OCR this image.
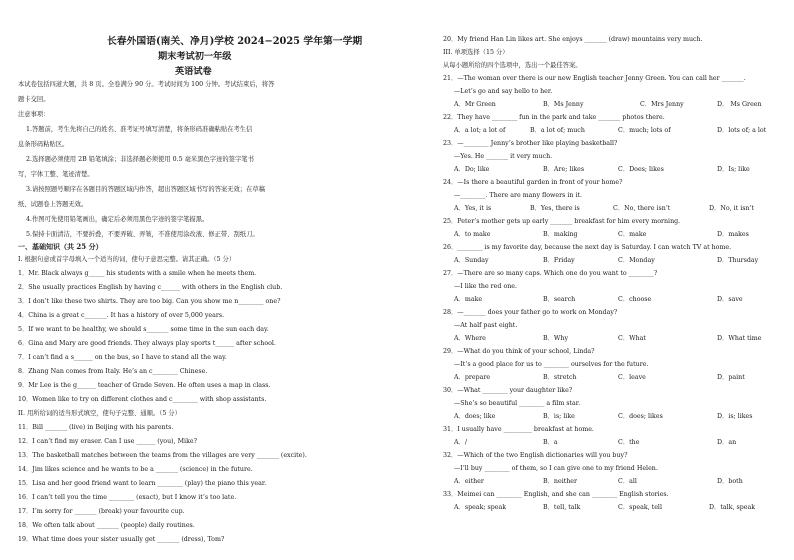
长春外国语(南关、净月)学校 2024−2025 学年第一学期
期末考试初一年级
英语试卷
本试卷包括四道大题，共 8 页。全卷满分 90 分。考试时间为 100 分钟。考试结束后，将答
题卡交回。
注意事项：
1.答题前，考生先将自己的姓名、准考证号填写清楚，将条形码准确粘贴在考生信
息条形码粘贴区。
2.选择题必须使用 2B 铅笔填涂；非选择题必须使用 0.5 毫米黑色字迹的签字笔书
写，字体工整、笔迹清楚。
3.请按照题号顺序在各题目的答题区域内作答，超出答题区域书写的答案无效；在草稿
纸、试题卷上答题无效。
4.作图可先使用铅笔画出，确定后必须用黑色字迹的签字笔描黑。
5.保持卡面清洁，不要折叠，不要弄破、弄皱，不准使用涂改液、修正带、刮纸刀。
一、基础知识（共 25 分）
I. 根据句意或首字母填入一个适当的词，使句子意思完整。请其正确。（5 分）
1．Mr. Black always g_____ his students with a smile when he meets them.
2．She usually practices English by having c______ with others in the English club.
3．I don’t like these two shirts. They are too big. Can you show me n________ one?
4．China is a great c_______. It has a history of over 5,000 years.
5．If we want to be healthy, we should s_______ some time in the sun each day.
6．Gina and Mary are good friends. They always play sports t______ after school.
7．I can’t find a s______ on the bus, so I have to stand all the way.
8．Zhang Nan comes from Italy. He’s an c________ Chinese.
9．Mr Lee is the g______ teacher of Grade Seven. He often uses a map in class.
10．Women like to try on different clothes and c________ with shop assistants.
II. 用所给词的适当形式填空，使句子完整、通顺。（5 分）
11．Bill _______ (live) in Beijing with his parents.
12．I can’t find my eraser. Can I use ______ (you), Mike?
13．The basketball matches between the teams from the villages are very _______ (excite).
14．Jim likes science and he wants to be a _______ (science) in the future.
15．Lisa and her good friend want to learn ________ (play) the piano this year.
16．I can’t tell you the time ________ (exact), but I know it’s too late.
17．I’m sorry for _______ (break) your favourite cup.
18．We often talk about _______ (people) daily routines.
19．What time does your sister usually get _______ (dress), Tom?
20．My friend Han Lin likes art. She enjoys _______ (draw) mountains very much.
III. 单项选择（15 分）
从每小题所给的四个选项中，选出一个最佳答案。
21．—The woman over there is our new English teacher Jenny Green. You can call her _______.
—Let’s go and say hello to her.
A．Mr Green	B．Ms Jenny	C．Mrs Jenny	D． Ms Green
22．They have ________ fun in the park and take _______ photos there.
A．a lot; a lot of	B．a lot of; much	C．much; lots of	D．lots of; a lot
23．—________ Jenny’s brother like playing basketball?
—Yes. He _______ it very much.
A．Do; like	B．Are; likes	C．Does; likes	D．Is; like
24．—Is there a beautiful garden in front of your home?
—________. There are many flowers in it.
A．Yes, it is	B．Yes, there is	C．No, there isn’t	D．No, it isn’t
25．Peter’s mother gets up early _______ breakfast for him every morning.
A．to make	B．making	C．make	D．makes
26．________ is my favorite day, because the next day is Saturday. I can watch TV at home.
A．Sunday	B．Friday	C．Monday	D．Thursday
27．—There are so many caps. Which one do you want to ________?
—I like the red one.
A．make	B．search	C．choose	D．save
28．—_______ does your father go to work on Monday?
—At half past eight.
A．Where	B．Why	C．What	D．What time
29．—What do you think of your school, Linda?
—It’s a good place for us to ________ ourselves for the future.
A．prepare	B．stretch	C．leave	D．paint
30．—What ________ your daughter like?
—She’s so beautiful ________ a film star.
A．does; like	B．is; like	C．does; likes	D．is; likes
31．I usually have _________ breakfast at home.
A．/	B．a	C．the	D．an
32．—Which of the two English dictionaries will you buy?
—I’ll buy ________ of them, so I can give one to my friend Helen.
A．either	B．neither	C．all	D．both
33．Meimei can ________ English, and she can ________ English stories.
A．speak; speak	B．tell, talk	C．speak, tell	D．talk, speak
